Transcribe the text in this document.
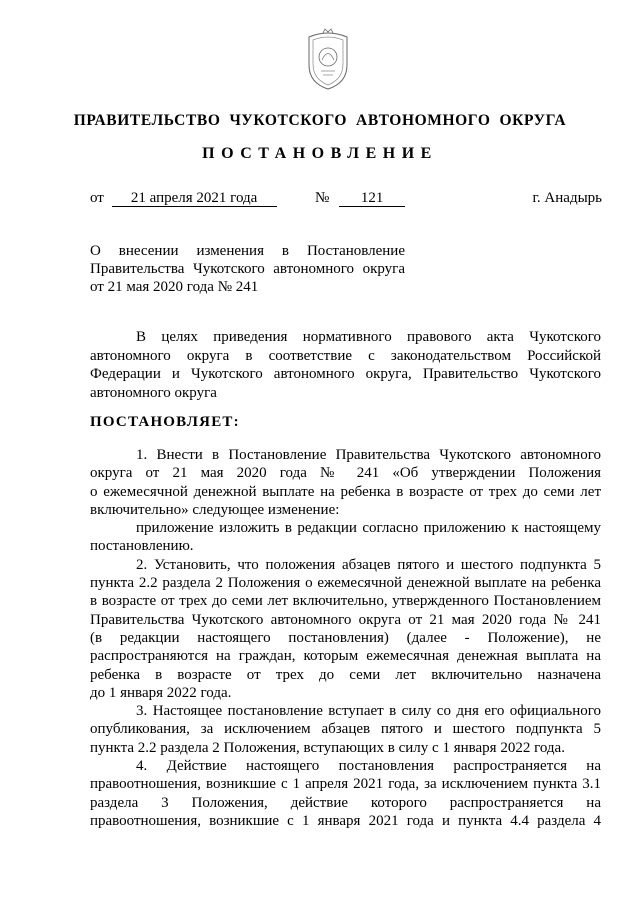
ПРАВИТЕЛЬСТВО  ЧУКОТСКОГО  АВТОНОМНОГО  ОКРУГА
ПОСТАНОВЛЕНИЕ
от 21 апреля 2021 года	№ 121	г. Анадырь
О внесении изменения в Постановление
Правительства Чукотского автономного округа
от 21 мая 2020 года № 241
В целях приведения нормативного правового акта Чукотского
автономного округа в соответствие с законодательством Российской
Федерации и Чукотского автономного округа, Правительство Чукотского
автономного округа
ПОСТАНОВЛЯЕТ:

1. Внести в Постановление Правительства Чукотского автономного
округа от 21 мая 2020 года № 241 «Об утверждении Положения
о ежемесячной денежной выплате на ребенка в возрасте от трех до семи лет
включительно» следующее изменение:

приложение изложить в редакции согласно приложению к настоящему
постановлению.

2. Установить, что положения абзацев пятого и шестого подпункта 5
пункта 2.2 раздела 2 Положения о ежемесячной денежной выплате на ребенка
в возрасте от трех до семи лет включительно, утвержденного Постановлением
Правительства Чукотского автономного округа от 21 мая 2020 года № 241
(в редакции настоящего постановления) (далее - Положение), не
распространяются на граждан, которым ежемесячная денежная выплата на
ребенка в возрасте от трех до семи лет включительно назначена
до 1 января 2022 года.

3. Настоящее постановление вступает в силу со дня его официального
опубликования, за исключением абзацев пятого и шестого подпункта 5
пункта 2.2 раздела 2 Положения, вступающих в силу с 1 января 2022 года.

4. Действие настоящего постановления распространяется на
правоотношения, возникшие с 1 апреля 2021 года, за исключением пункта 3.1
раздела 3 Положения, действие которого распространяется на
правоотношения, возникшие с 1 января 2021 года и пункта 4.4 раздела 4
